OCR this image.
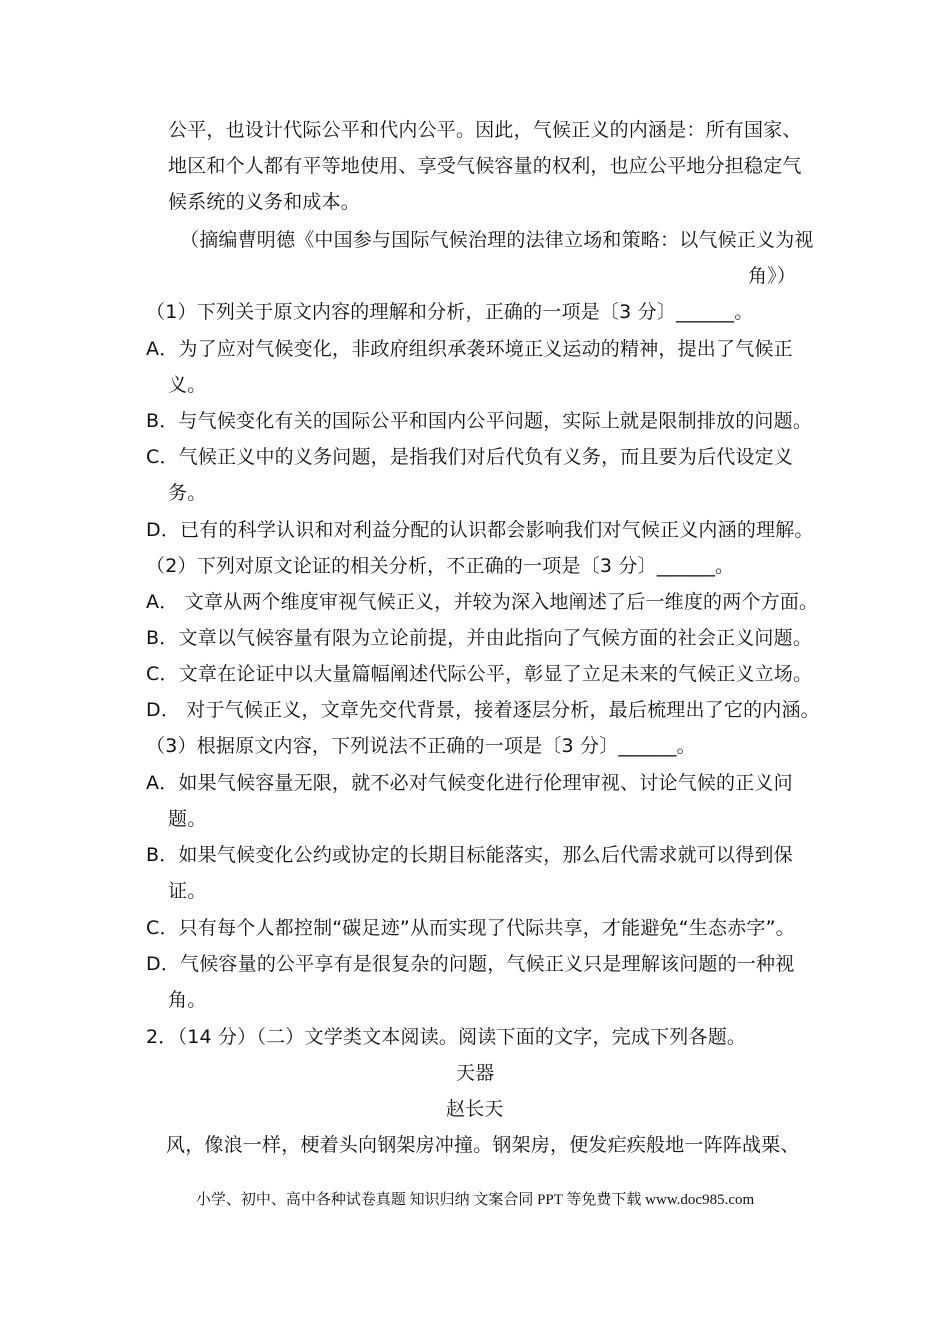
公平，也设计代际公平和代内公平。因此，气候正义的内涵是：所有国家、
地区和个人都有平等地使用、享受气候容量的权利，也应公平地分担稳定气
候系统的义务和成本。
（摘编曹明德《中国参与国际气候治理的法律立场和策略：以气候正义为视
角》）
（1）下列关于原文内容的理解和分析，正确的一项是〔3 分〕______。
A．为了应对气候变化，非政府组织承袭环境正义运动的精神，提出了气候正
义。
B．与气候变化有关的国际公平和国内公平问题，实际上就是限制排放的问题。
C．气候正义中的义务问题，是指我们对后代负有义务，而且要为后代设定义
务。
D．已有的科学认识和对利益分配的认识都会影响我们对气候正义内涵的理解。
（2）下列对原文论证的相关分析，不正确的一项是〔3 分〕______。
A． 文章从两个维度审视气候正义，并较为深入地阐述了后一维度的两个方面。
B．文章以气候容量有限为立论前提，并由此指向了气候方面的社会正义问题。
C．文章在论证中以大量篇幅阐述代际公平，彰显了立足未来的气候正义立场。
D． 对于气候正义，文章先交代背景，接着逐层分析，最后梳理出了它的内涵。
（3）根据原文内容，下列说法不正确的一项是〔3 分〕______。
A．如果气候容量无限，就不必对气候变化进行伦理审视、讨论气候的正义问
题。
B．如果气候变化公约或协定的长期目标能落实，那么后代需求就可以得到保
证。
C．只有每个人都控制“碳足迹”从而实现了代际共享，才能避免“生态赤字”。
D．气候容量的公平享有是很复杂的问题，气候正义只是理解该问题的一种视
角。
2．（14 分）（二）文学类文本阅读。阅读下面的文字，完成下列各题。
天器
赵长天
风，像浪一样，梗着头向钢架房冲撞。钢架房，便发疟疾般地一阵阵战栗、
小学、初中、高中各种试卷真题 知识归纳 文案合同 PPT 等免费下载 www.doc985.com
